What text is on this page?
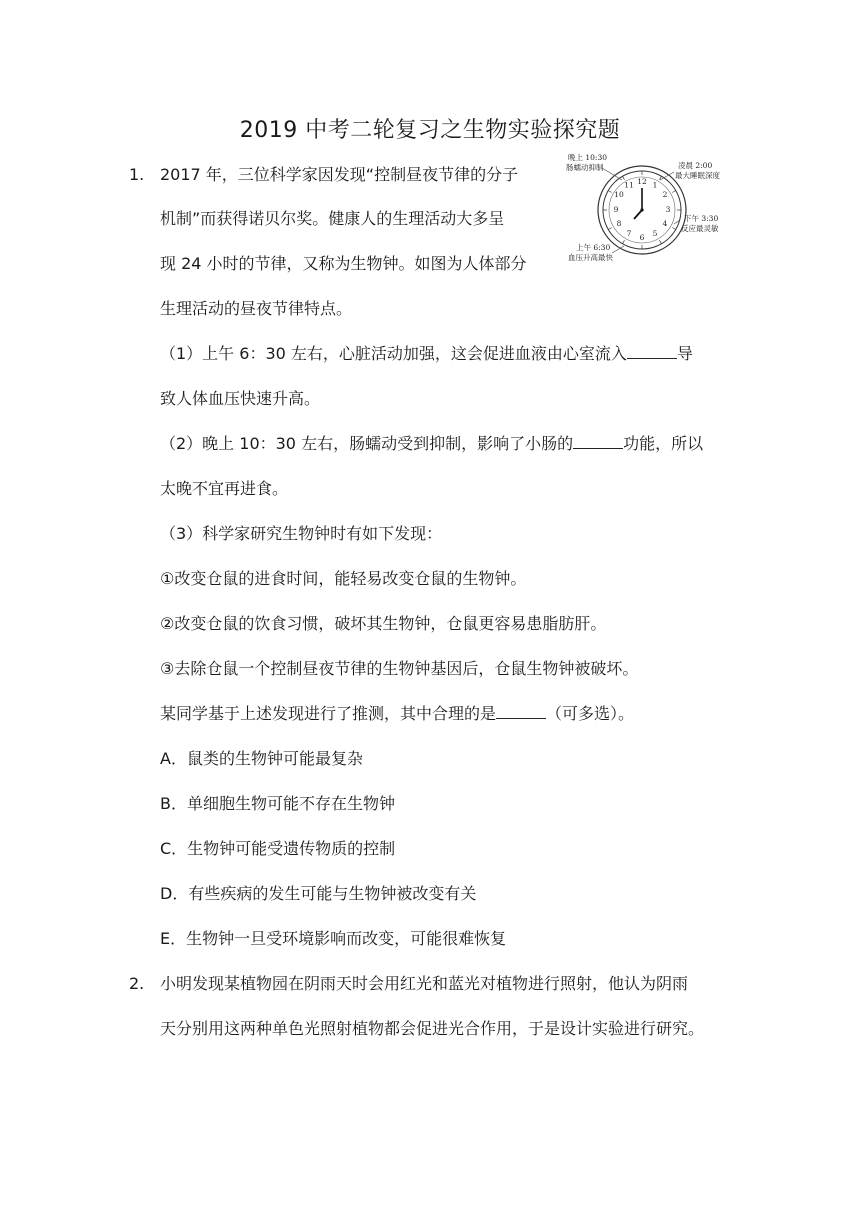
2019 中考二轮复习之生物实验探究题
1. 2017 年，三位科学家因发现“控制昼夜节律的分子
机制”而获得诺贝尔奖。健康人的生理活动大多呈
现 24 小时的节律，又称为生物钟。如图为人体部分
生理活动的昼夜节律特点。
12 1
2
3
4
5
6
7
8
9
10
11
晚上 10:30
肠蠕动抑制	凌晨 2:00
最大睡眠深度
下午 3:30
反应最灵敏
上午 6:30
血压升高最快
（1）上午 6：30 左右，心脏活动加强，这会促进血液由心室流入	导
致人体血压快速升高。
（2）晚上 10：30 左右，肠蠕动受到抑制，影响了小肠的	功能，所以
太晚不宜再进食。
（3）科学家研究生物钟时有如下发现：
①改变仓鼠的进食时间，能轻易改变仓鼠的生物钟。
②改变仓鼠的饮食习惯，破坏其生物钟，仓鼠更容易患脂肪肝。
③去除仓鼠一个控制昼夜节律的生物钟基因后，仓鼠生物钟被破坏。
某同学基于上述发现进行了推测，其中合理的是	（可多选）。
A．鼠类的生物钟可能最复杂
B．单细胞生物可能不存在生物钟
C．生物钟可能受遗传物质的控制
D．有些疾病的发生可能与生物钟被改变有关
E．生物钟一旦受环境影响而改变，可能很难恢复
2. 小明发现某植物园在阴雨天时会用红光和蓝光对植物进行照射，他认为阴雨
天分别用这两种单色光照射植物都会促进光合作用，于是设计实验进行研究。
